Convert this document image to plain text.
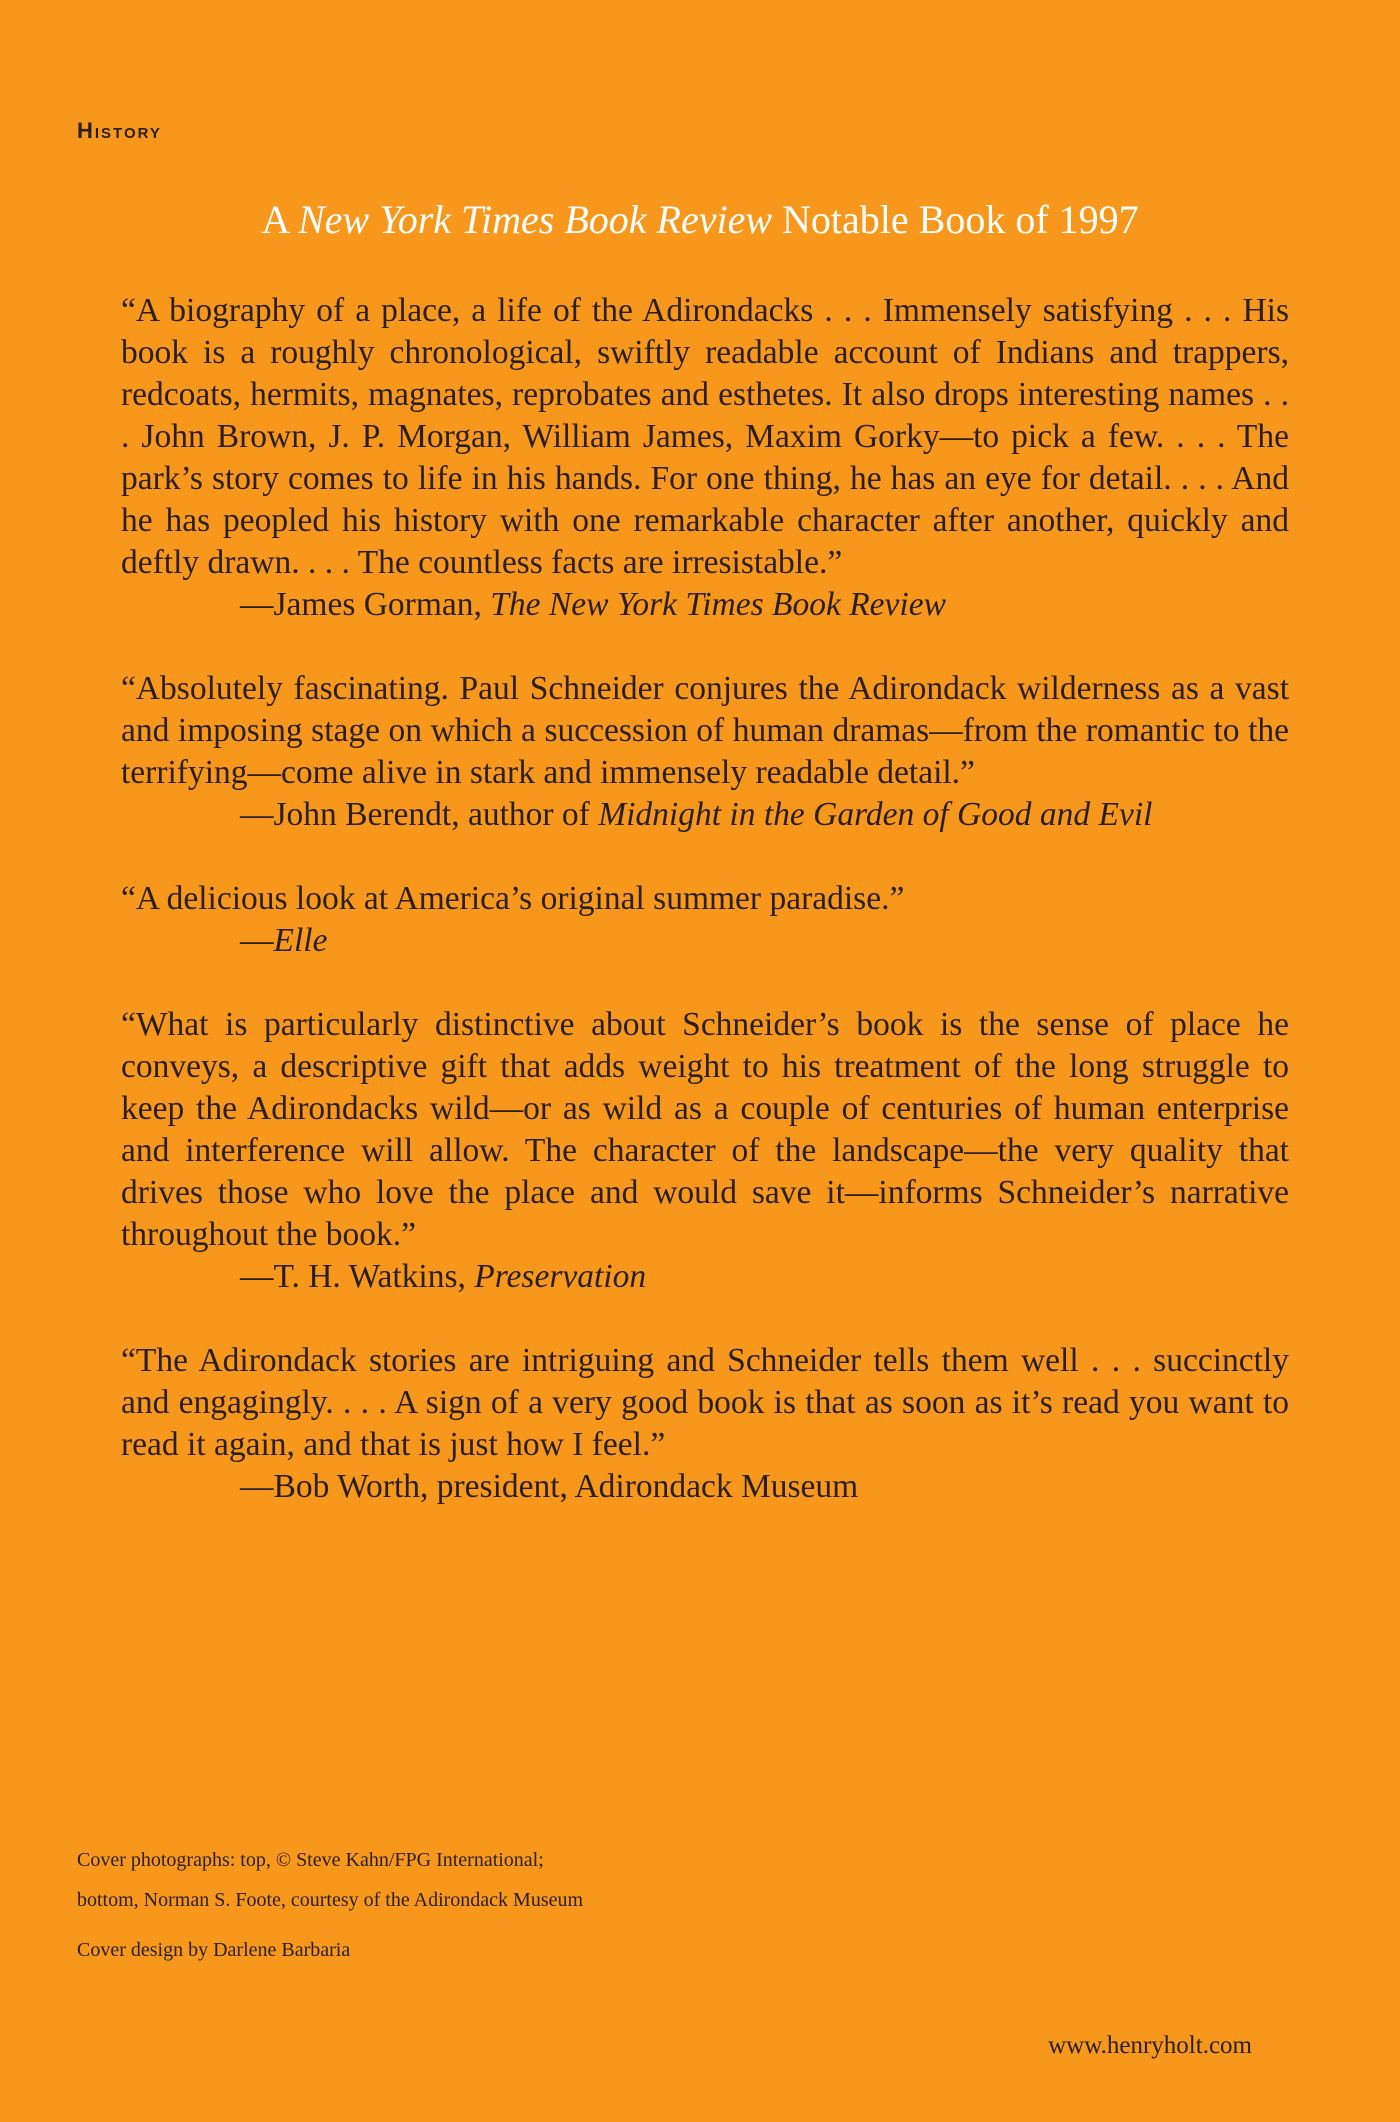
History
A New York Times Book Review Notable Book of 1997

“A biography of a place, a life of the Adirondacks . . . Immensely satisfying . . . His book is a roughly chronological, swiftly readable account of Indians and trappers, redcoats, hermits, magnates, reprobates and esthetes. It also drops interesting names . . . John Brown, J. P. Morgan, William James, Maxim Gorky—to pick a few. . . . The park’s story comes to life in his hands. For one thing, he has an eye for detail. . . . And he has peopled his history with one remarkable character after another, quickly and deftly drawn. . . . The countless facts are irresistable.”

—James Gorman, The New York Times Book Review

“Absolutely fascinating. Paul Schneider conjures the Adirondack wilderness as a vast and imposing stage on which a succession of human dramas—from the romantic to the terrifying—come alive in stark and immensely readable detail.”

—John Berendt, author of Midnight in the Garden of Good and Evil

“A delicious look at America’s original summer paradise.”

—Elle

“What is particularly distinctive about Schneider’s book is the sense of place he conveys, a descriptive gift that adds weight to his treatment of the long struggle to keep the Adirondacks wild—or as wild as a couple of centuries of human enterprise and interference will allow. The character of the landscape—the very quality that drives those who love the place and would save it—informs Schneider’s narrative throughout the book.”

—T. H. Watkins, Preservation

“The Adirondack stories are intriguing and Schneider tells them well . . . succinctly and engagingly. . . . A sign of a very good book is that as soon as it’s read you want to read it again, and that is just how I feel.”

—Bob Worth, president, Adirondack Museum

Cover photographs: top, © Steve Kahn/FPG International;
bottom, Norman S. Foote, courtesy of the Adirondack Museum
Cover design by Darlene Barbaria
www.henryholt.com
